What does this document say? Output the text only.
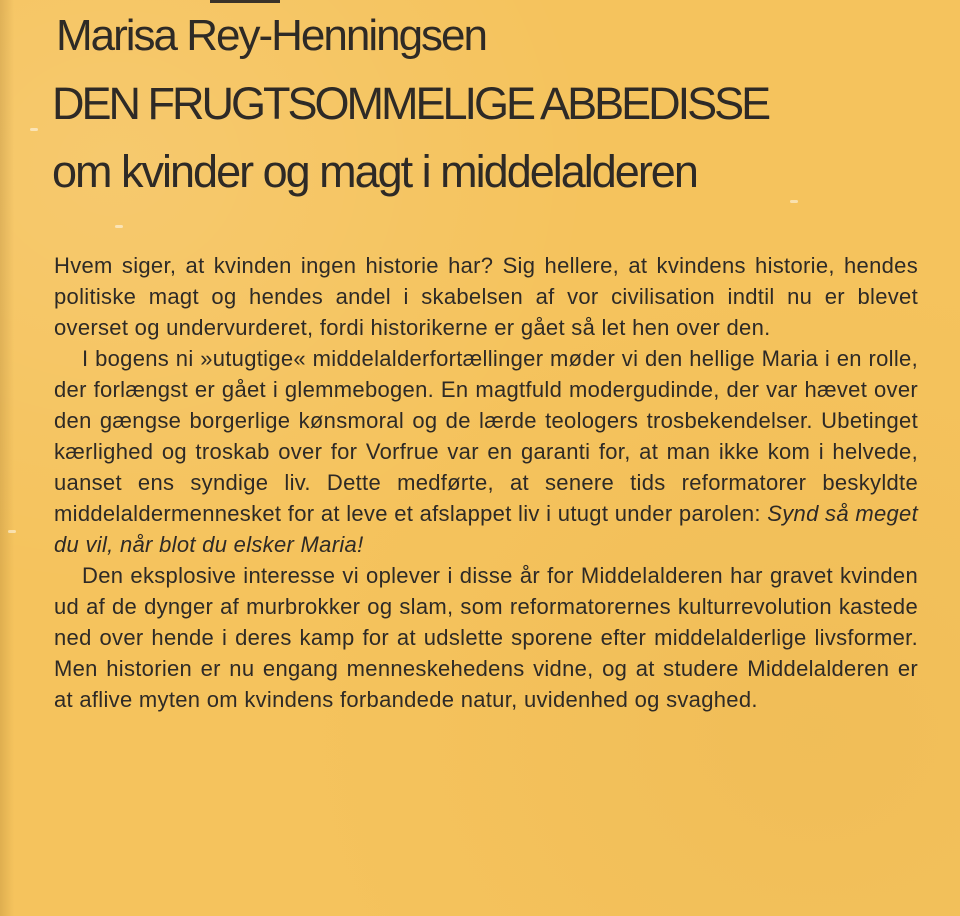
Marisa Rey-Henningsen
DEN FRUGTSOMMELIGE ABBEDISSE
om kvinder og magt i middelalderen

Hvem siger, at kvinden ingen historie har? Sig hellere, at kvindens historie, hendes politiske magt og hendes andel i skabelsen af vor civilisation indtil nu er blevet overset og undervurderet, fordi historikerne er gået så let hen over den.

I bogens ni »utugtige« middelalderfortællinger møder vi den hellige Maria i en rolle, der forlængst er gået i glemmebogen. En magtfuld modergudinde, der var hævet over den gængse borgerlige kønsmoral og de lærde teologers trosbekendelser. Ubetinget kærlighed og troskab over for Vorfrue var en garanti for, at man ikke kom i helvede, uanset ens syndige liv. Dette medførte, at senere tids reformatorer beskyldte middelaldermennesket for at leve et afslappet liv i utugt under parolen: Synd så meget du vil, når blot du elsker Maria!

Den eksplosive interesse vi oplever i disse år for Middelalderen har gravet kvinden ud af de dynger af murbrokker og slam, som reformatorernes kulturrevolution kastede ned over hende i deres kamp for at udslette sporene efter middelalderlige livsformer. Men historien er nu engang menneskehedens vidne, og at studere Middelalderen er at aflive myten om kvindens forbandede natur, uvidenhed og svaghed.
